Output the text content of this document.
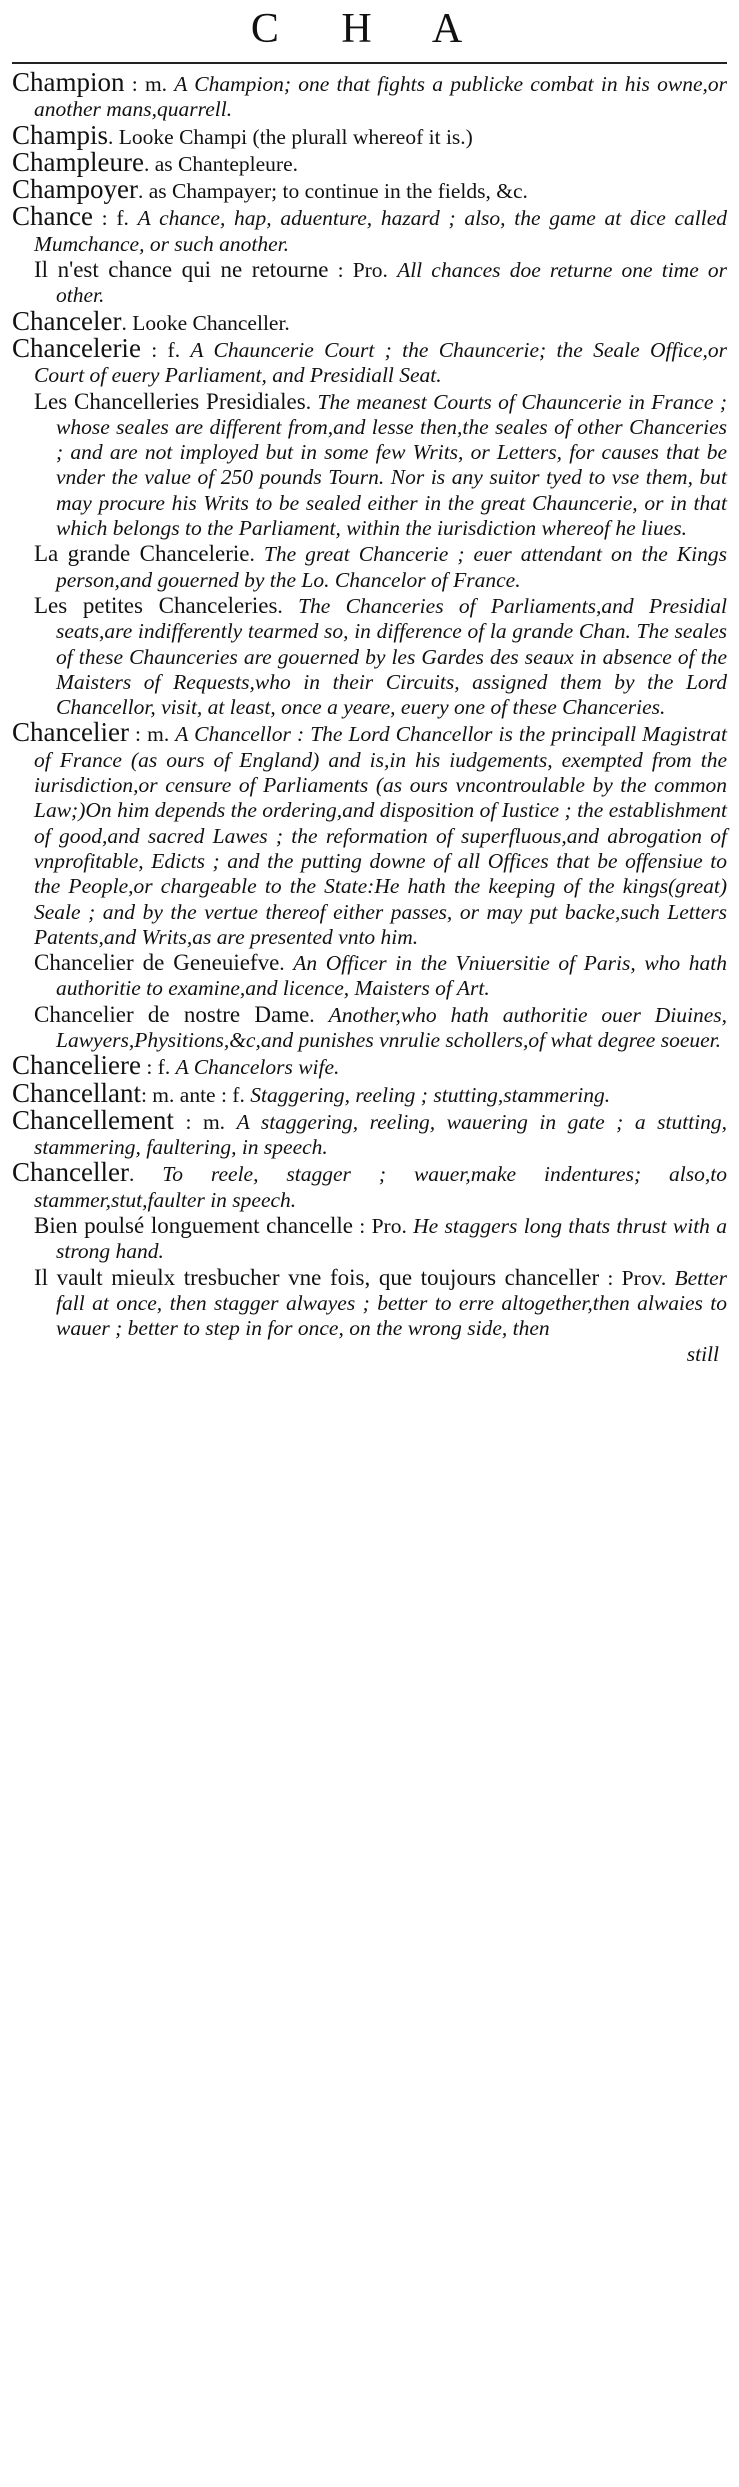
C H A

Champion : m. A Champion; one that fights a publicke combat in his owne,or another mans,quarrell.

Champis. Looke Champi (the plurall whereof it is.)

Champleure. as Chantepleure.

Champoyer. as Champayer; to continue in the fields, &c.

Chance : f. A chance, hap, aduenture, hazard ; also, the game at dice called Mumchance, or such another.

Il n'est chance qui ne retourne : Pro. All chances doe returne one time or other.

Chanceler. Looke Chanceller.

Chancelerie : f. A Chauncerie Court ; the Chauncerie; the Seale Office,or Court of euery Parliament, and Presidiall Seat.

Les Chancelleries Presidiales. The meanest Courts of Chauncerie in France ; whose seales are different from,and lesse then,the seales of other Chanceries ; and are not imployed but in some few Writs, or Letters, for causes that be vnder the value of 250 pounds Tourn. Nor is any suitor tyed to vse them, but may procure his Writs to be sealed either in the great Chauncerie, or in that which belongs to the Parliament, within the iurisdiction whereof he liues.

La grande Chancelerie. The great Chancerie ; euer attendant on the Kings person,and gouerned by the Lo. Chancelor of France.

Les petites Chanceleries. The Chanceries of Parliaments,and Presidial seats,are indifferently tearmed so, in difference of la grande Chan. The seales of these Chaunceries are gouerned by les Gardes des seaux in absence of the Maisters of Requests,who in their Circuits, assigned them by the Lord Chancellor, visit, at least, once a yeare, euery one of these Chanceries.

Chancelier : m. A Chancellor : The Lord Chancellor is the principall Magistrat of France (as ours of England) and is,in his iudgements, exempted from the iurisdiction,or censure of Parliaments (as ours vncontroulable by the common Law;)On him depends the ordering,and disposition of Iustice ; the establishment of good,and sacred Lawes ; the reformation of superfluous,and abrogation of vnprofitable, Edicts ; and the putting downe of all Offices that be offensiue to the People,or chargeable to the State:He hath the keeping of the kings(great) Seale ; and by the vertue thereof either passes, or may put backe,such Letters Patents,and Writs,as are presented vnto him.

Chancelier de Geneuiefve. An Officer in the Vniuersitie of Paris, who hath authoritie to examine,and licence, Maisters of Art.

Chancelier de nostre Dame. Another,who hath authoritie ouer Diuines, Lawyers,Physitions,&c,and punishes vnrulie schollers,of what degree soeuer.

Chanceliere : f. A Chancelors wife.

Chancellant: m. ante : f. Staggering, reeling ; stutting,stammering.

Chancellement : m. A staggering, reeling, wauering in gate ; a stutting, stammering, faultering, in speech.

Chanceller. To reele, stagger ; wauer,make indentures; also,to stammer,stut,faulter in speech.

Bien poulsé longuement chancelle : Pro. He staggers long thats thrust with a strong hand.

Il vault mieulx tresbucher vne fois, que toujours chanceller : Prov. Better fall at once, then stagger alwayes ; better to erre altogether,then alwaies to wauer ; better to step in for once, on the wrong side, then

still
